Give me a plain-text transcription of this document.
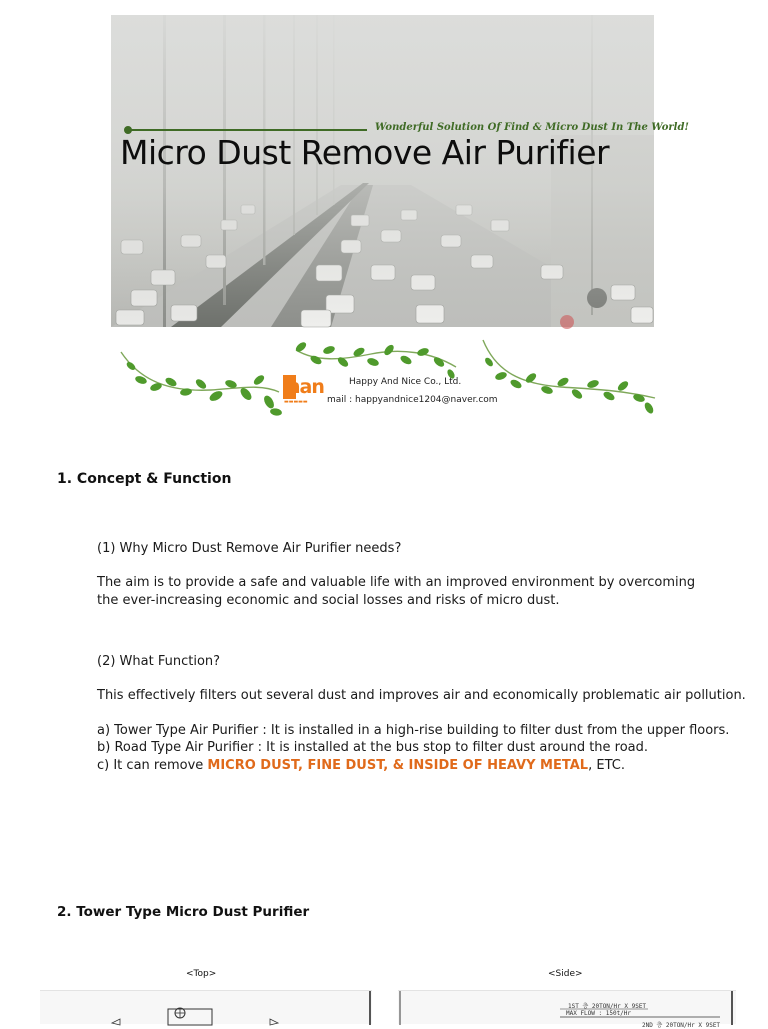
Wonderful Solution Of Find & Micro Dust In The World!
Micro Dust Remove Air Purifier
han
▬▬▬▬▬
Happy And Nice Co., Ltd.
mail : happyandnice1204@naver.com
1. Concept & Function
(1) Why Micro Dust Remove Air Purifier needs?
The aim is to provide a safe and valuable life with an improved environment by overcoming
the ever-increasing economic and social losses and risks of micro dust.
(2) What Function?
This effectively filters out several dust and improves air and economically problematic air pollution.
a) Tower Type Air Purifier : It is installed in a high-rise building to filter dust from the upper floors.
b) Road Type Air Purifier : It is installed at the bus stop to filter dust around the road.
c) It can remove MICRO DUST, FINE DUST, & INSIDE OF HEAVY METAL, ETC.
2. Tower Type Micro Dust Purifier
<Top>	<Side>
1ST 층 20TON/Hr X 9SET
MAX FLOW : 150t/Hr
2ND 층 20TON/Hr X 9SET
